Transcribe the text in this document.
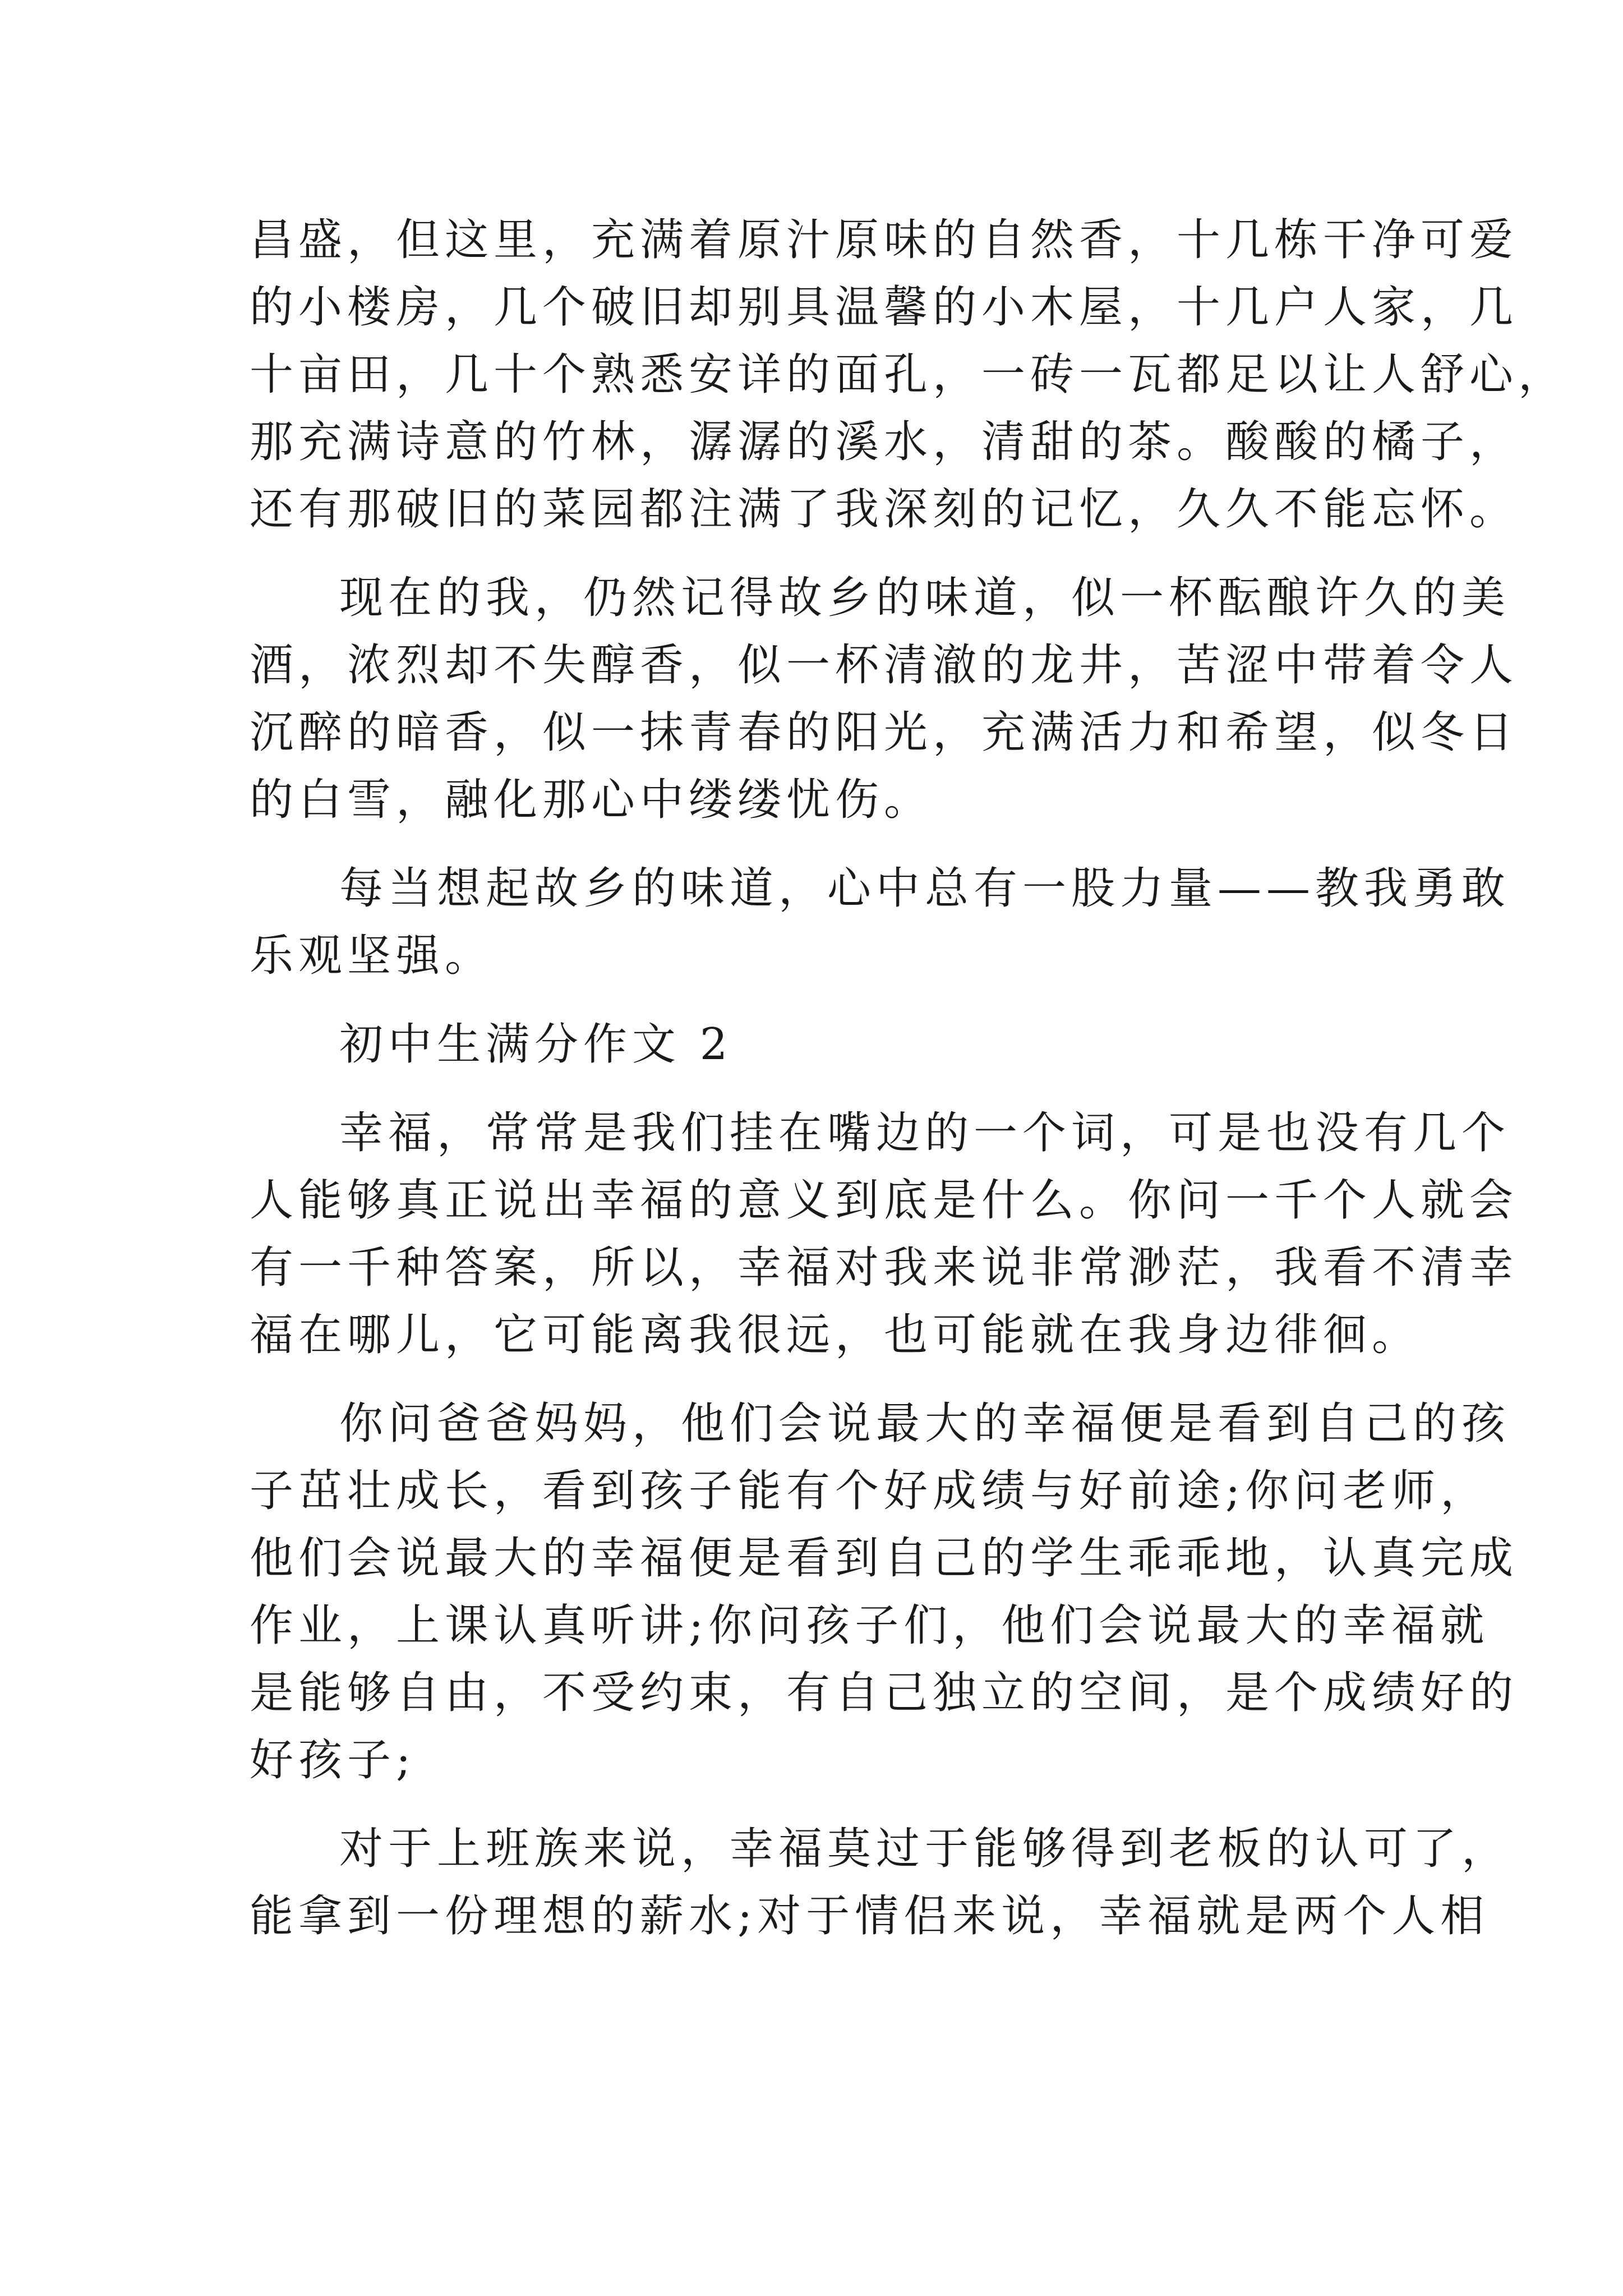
昌盛，但这里，充满着原汁原味的自然香，十几栋干净可爱
的小楼房，几个破旧却别具温馨的小木屋，十几户人家，几
十亩田，几十个熟悉安详的面孔，一砖一瓦都足以让人舒心，
那充满诗意的竹林，潺潺的溪水，清甜的茶。酸酸的橘子，
还有那破旧的菜园都注满了我深刻的记忆，久久不能忘怀。
现在的我，仍然记得故乡的味道，似一杯酝酿许久的美
酒，浓烈却不失醇香，似一杯清澈的龙井，苦涩中带着令人
沉醉的暗香，似一抹青春的阳光，充满活力和希望，似冬日
的白雪，融化那心中缕缕忧伤。
每当想起故乡的味道，心中总有一股力量——教我勇敢
乐观坚强。
初中生满分作文 2
幸福，常常是我们挂在嘴边的一个词，可是也没有几个
人能够真正说出幸福的意义到底是什么。你问一千个人就会
有一千种答案，所以，幸福对我来说非常渺茫，我看不清幸
福在哪儿，它可能离我很远，也可能就在我身边徘徊。
你问爸爸妈妈，他们会说最大的幸福便是看到自己的孩
子茁壮成长，看到孩子能有个好成绩与好前途;你问老师，
他们会说最大的幸福便是看到自己的学生乖乖地，认真完成
作业，上课认真听讲;你问孩子们，他们会说最大的幸福就
是能够自由，不受约束，有自己独立的空间，是个成绩好的
好孩子;
对于上班族来说，幸福莫过于能够得到老板的认可了，
能拿到一份理想的薪水;对于情侣来说，幸福就是两个人相
